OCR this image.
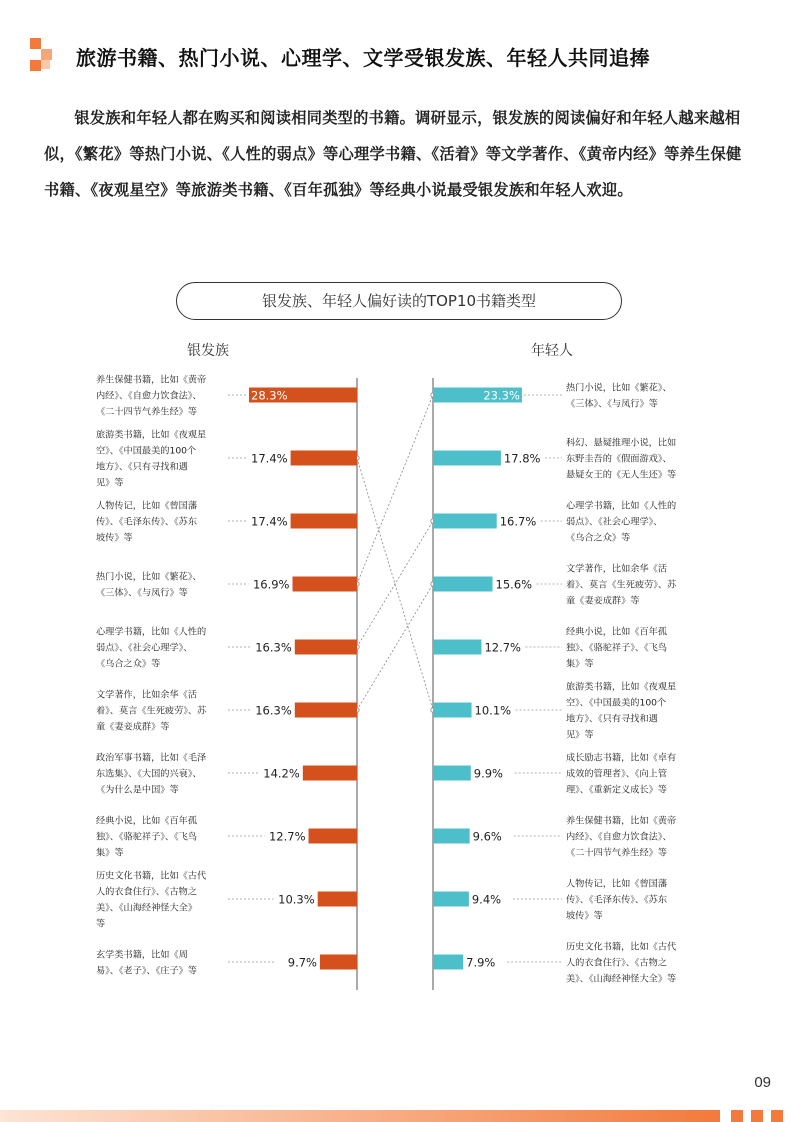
旅游书籍、热门小说、心理学、文学受银发族、年轻人共同追捧
银发族和年轻人都在购买和阅读相同类型的书籍。调研显示，银发族的阅读偏好和年轻人越来越相似，《繁花》等热门小说、《人性的弱点》等心理学书籍、《活着》等文学著作、《黄帝内经》等养生保健书籍、《夜观星空》等旅游类书籍、《百年孤独》等经典小说最受银发族和年轻人欢迎。
银发族、年轻人偏好读的TOP10书籍类型
银发族	年轻人
28.3%
养生保健书籍，比如《黄帝
内经》、《自愈力饮食法》、
《二十四节气养生经》等
17.4%
旅游类书籍，比如《夜观星
空》、《中国最美的100个
地方》、《只有寻找和遇
见》等
17.4%
人物传记，比如《曾国藩
传》、《毛泽东传》、《苏东
坡传》等
16.9%
热门小说，比如《繁花》、
《三体》、《与凤行》等
16.3%
心理学书籍，比如《人性的
弱点》、《社会心理学》、
《乌合之众》等
16.3%
文学著作，比如余华《活
着》、莫言《生死疲劳》、苏
童《妻妾成群》等
14.2%
政治军事书籍，比如《毛泽
东选集》、《大国的兴衰》、
《为什么是中国》等
12.7%
经典小说，比如《百年孤
独》、《骆驼祥子》、《飞鸟
集》等
10.3%
历史文化书籍，比如《古代
人的衣食住行》、《古物之
美》、《山海经神怪大全》
等
9.7%
玄学类书籍，比如《周
易》、《老子》、《庄子》等
23.3%
热门小说，比如《繁花》、
《三体》、《与凤行》等
17.8%
科幻、悬疑推理小说，比如
东野圭吾的《假面游戏》、
悬疑女王的《无人生还》等
16.7%
心理学书籍，比如《人性的
弱点》、《社会心理学》、
《乌合之众》等
15.6%
文学著作，比如余华《活
着》、莫言《生死疲劳》、苏
童《妻妾成群》等
12.7%
经典小说，比如《百年孤
独》、《骆驼祥子》、《飞鸟
集》等
10.1%
旅游类书籍，比如《夜观星
空》、《中国最美的100个
地方》、《只有寻找和遇
见》等
9.9%
成长励志书籍，比如《卓有
成效的管理者》、《向上管
理》、《重新定义成长》等
9.6%
养生保健书籍，比如《黄帝
内经》、《自愈力饮食法》、
《二十四节气养生经》等
9.4%
人物传记，比如《曾国藩
传》、《毛泽东传》、《苏东
坡传》等
7.9%
历史文化书籍，比如《古代
人的衣食住行》、《古物之
美》、《山海经神怪大全》等
09
